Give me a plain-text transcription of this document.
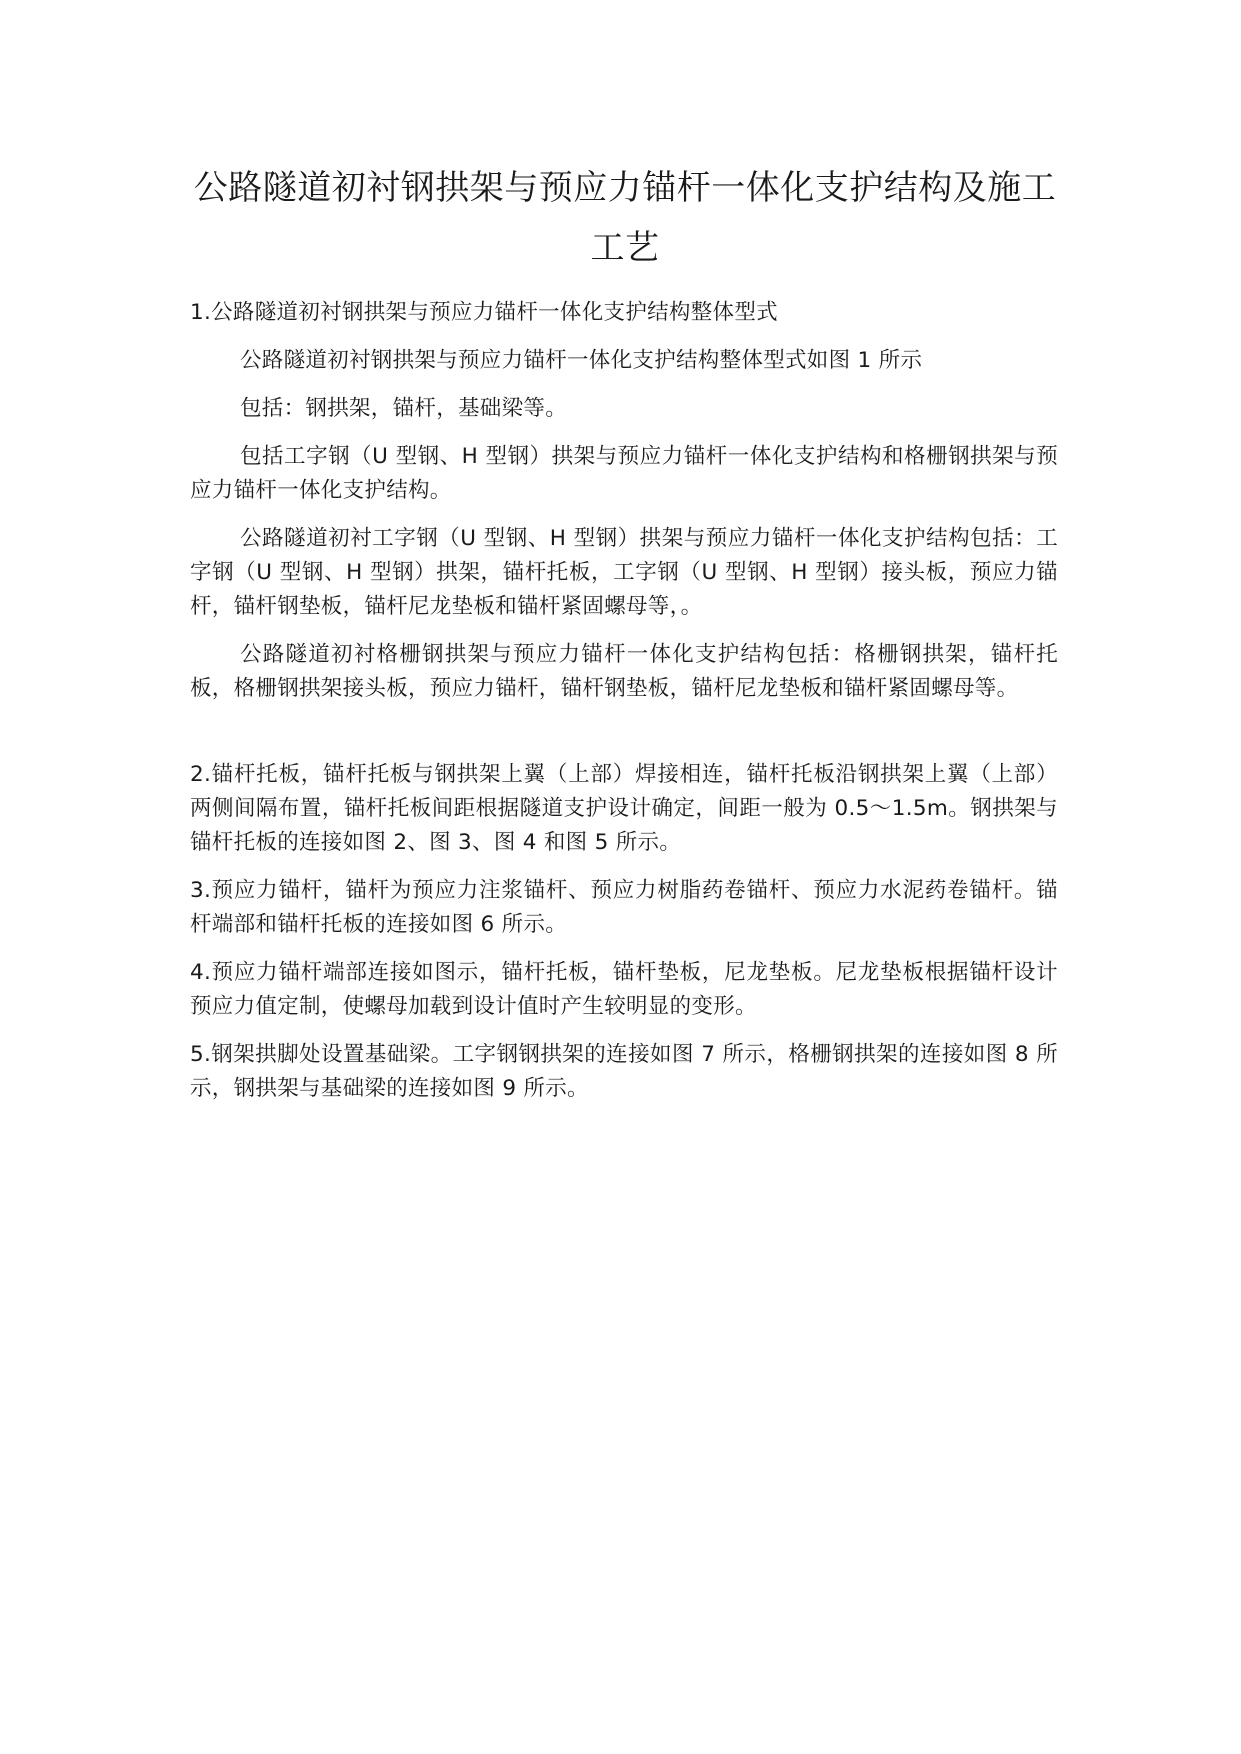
公路隧道初衬钢拱架与预应力锚杆一体化支护结构及施工工艺

1.公路隧道初衬钢拱架与预应力锚杆一体化支护结构整体型式

公路隧道初衬钢拱架与预应力锚杆一体化支护结构整体型式如图 1 所示

包括：钢拱架，锚杆，基础梁等。

包括工字钢（U 型钢、H 型钢）拱架与预应力锚杆一体化支护结构和格栅钢拱架与预应力锚杆一体化支护结构。

公路隧道初衬工字钢（U 型钢、H 型钢）拱架与预应力锚杆一体化支护结构包括：工字钢（U 型钢、H 型钢）拱架，锚杆托板，工字钢（U 型钢、H 型钢）接头板，预应力锚杆，锚杆钢垫板，锚杆尼龙垫板和锚杆紧固螺母等，。

公路隧道初衬格栅钢拱架与预应力锚杆一体化支护结构包括：格栅钢拱架，锚杆托板，格栅钢拱架接头板，预应力锚杆，锚杆钢垫板，锚杆尼龙垫板和锚杆紧固螺母等。

2.锚杆托板，锚杆托板与钢拱架上翼（上部）焊接相连，锚杆托板沿钢拱架上翼（上部）两侧间隔布置，锚杆托板间距根据隧道支护设计确定，间距一般为 0.5～1.5m。钢拱架与锚杆托板的连接如图 2、图 3、图 4 和图 5 所示。

3.预应力锚杆，锚杆为预应力注浆锚杆、预应力树脂药卷锚杆、预应力水泥药卷锚杆。锚杆端部和锚杆托板的连接如图 6 所示。

4.预应力锚杆端部连接如图示，锚杆托板，锚杆垫板，尼龙垫板。尼龙垫板根据锚杆设计预应力值定制，使螺母加载到设计值时产生较明显的变形。

5.钢架拱脚处设置基础梁。工字钢钢拱架的连接如图 7 所示，格栅钢拱架的连接如图 8 所示，钢拱架与基础梁的连接如图 9 所示。
